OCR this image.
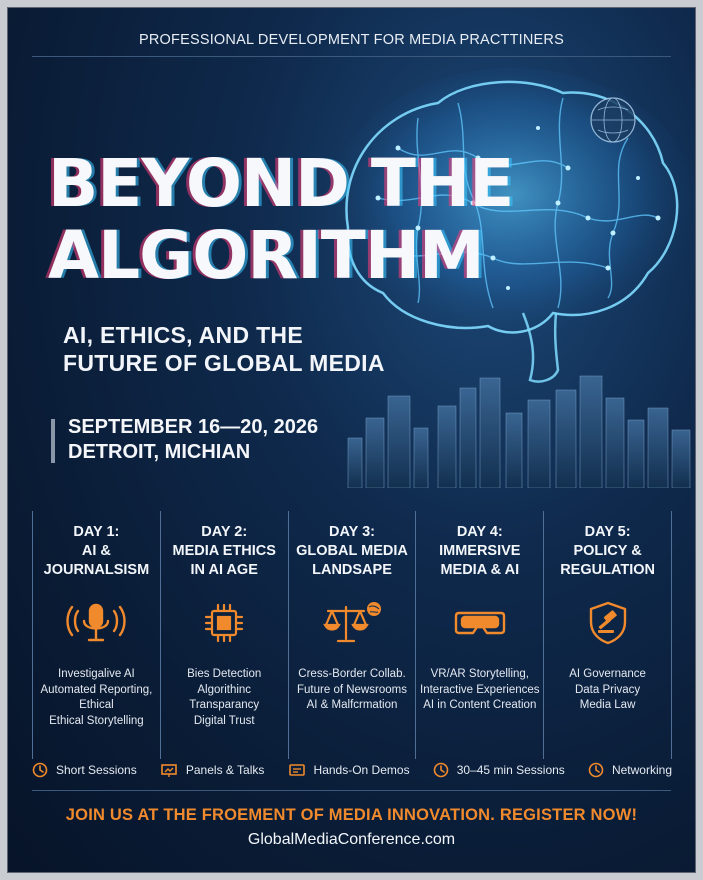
PROFESSIONAL DEVELOPMENT FOR MEDIA PRACTTINERS
BEYOND THE
ALGORITHM
AI, ETHICS, AND THE
FUTURE OF GLOBAL MEDIA
SEPTEMBER 16—20, 2026
DETROIT, MICHIAN
DAY 1:
AI &
JOURNALSISM
Investigalive AI
Automated Reporting,
Ethical
Ethical Storytelling
DAY 2:
MEDIA ETHICS
IN AI AGE
Bies Detection
Algorithinc
Transparancy
Digital Trust
DAY 3:
GLOBAL MEDIA
LANDSAPE
Cress-Border Collab.
Future of Newsrooms
AI & Malfcrmation
DAY 4:
IMMERSIVE
MEDIA & AI
VR/AR Storytelling,
Interactive Experiences
AI in Content Creation
DAY 5:
POLICY &
REGULATION
AI Governance
Data Privacy
Media Law
Short Sessions	Panels & Talks	Hands-On Demos	30–45 min Sessions	Networking
JOIN US AT THE FROEMENT OF MEDIA INNOVATION. REGISTER NOW!
GlobalMediaConference.com
